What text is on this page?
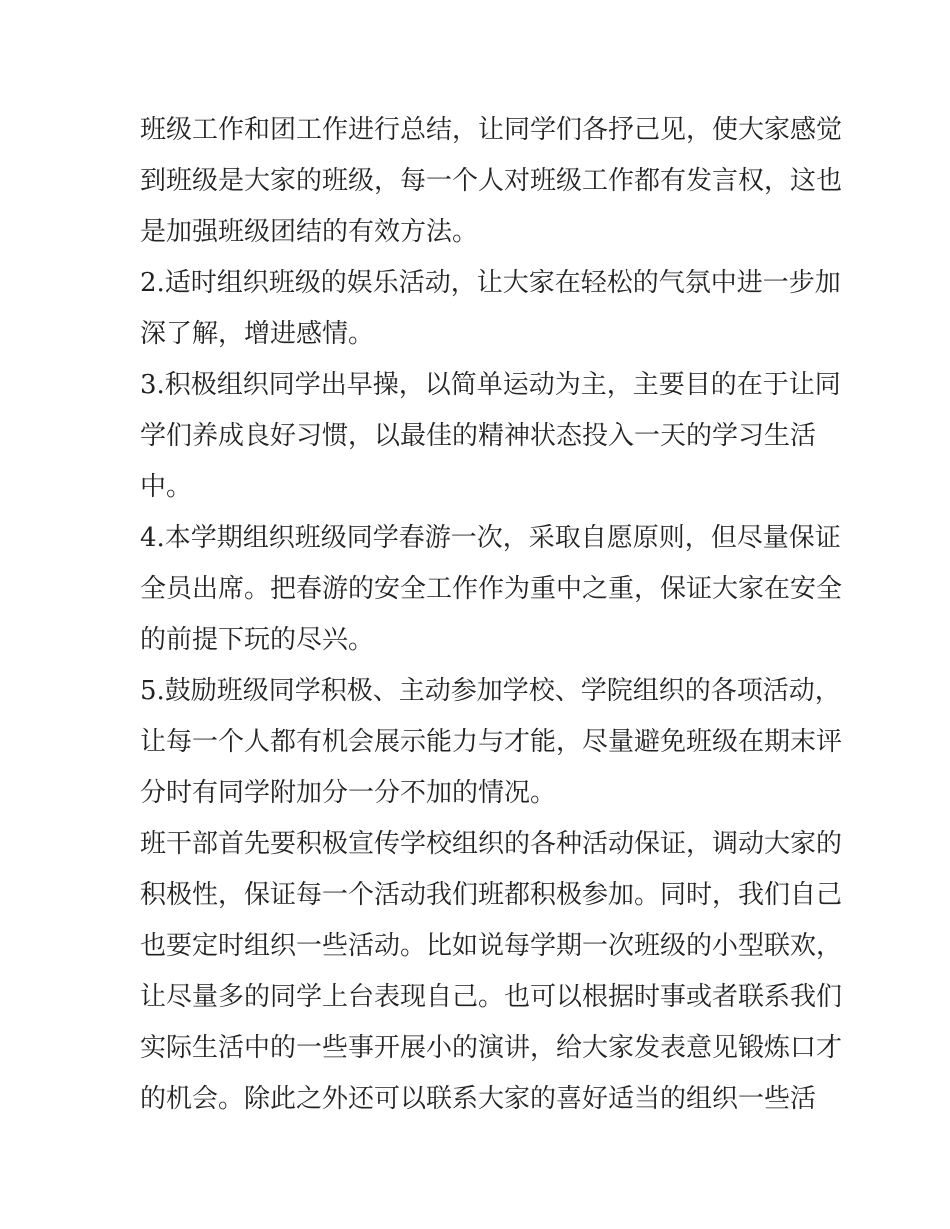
班级工作和团工作进行总结，让同学们各抒己见，使大家感觉
到班级是大家的班级，每一个人对班级工作都有发言权，这也
是加强班级团结的有效方法。
2.适时组织班级的娱乐活动，让大家在轻松的气氛中进一步加
深了解，增进感情。
3.积极组织同学出早操，以简单运动为主，主要目的在于让同
学们养成良好习惯，以最佳的精神状态投入一天的学习生活
中。
4.本学期组织班级同学春游一次，采取自愿原则，但尽量保证
全员出席。把春游的安全工作作为重中之重，保证大家在安全
的前提下玩的尽兴。
5.鼓励班级同学积极、主动参加学校、学院组织的各项活动，
让每一个人都有机会展示能力与才能，尽量避免班级在期末评
分时有同学附加分一分不加的情况。
班干部首先要积极宣传学校组织的各种活动保证，调动大家的
积极性，保证每一个活动我们班都积极参加。同时，我们自己
也要定时组织一些活动。比如说每学期一次班级的小型联欢，
让尽量多的同学上台表现自己。也可以根据时事或者联系我们
实际生活中的一些事开展小的演讲，给大家发表意见锻炼口才
的机会。除此之外还可以联系大家的喜好适当的组织一些活
